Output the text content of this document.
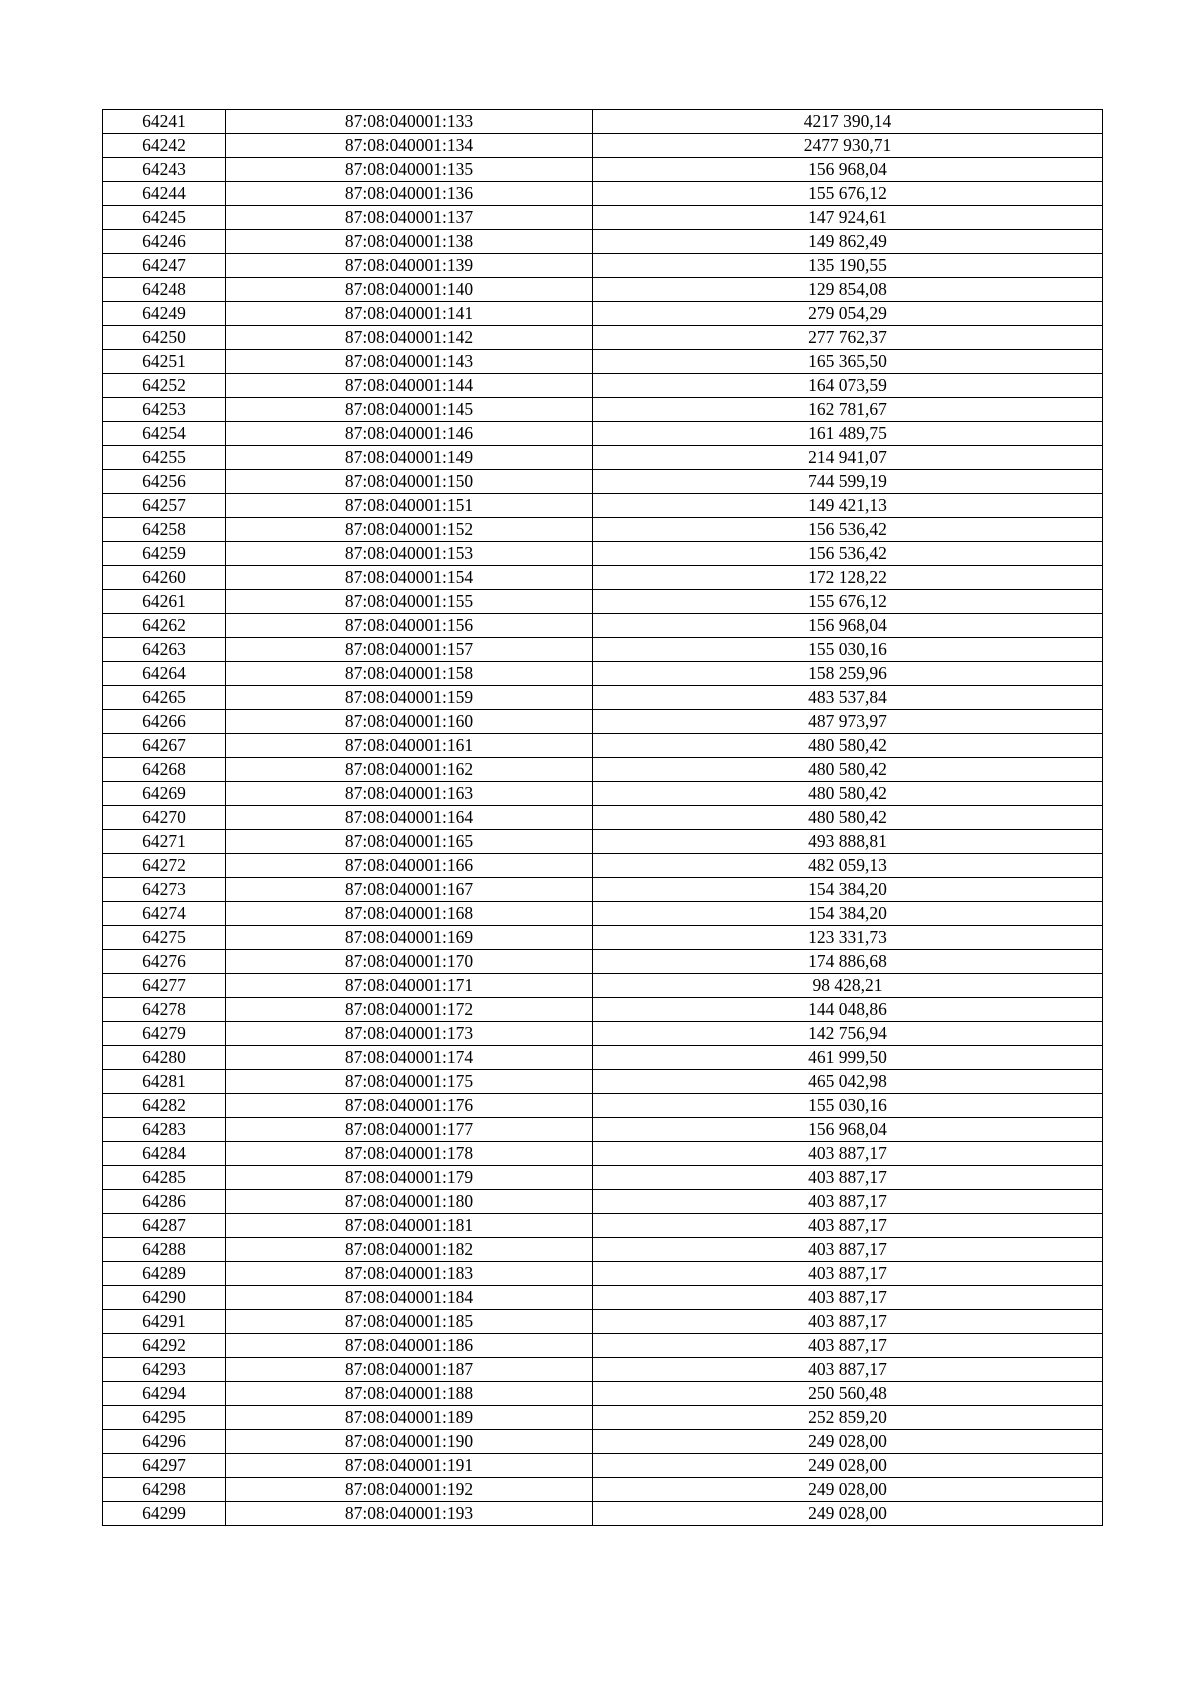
64241	87:08:040001:133	4217 390,14
64242	87:08:040001:134	2477 930,71
64243	87:08:040001:135	156 968,04
64244	87:08:040001:136	155 676,12
64245	87:08:040001:137	147 924,61
64246	87:08:040001:138	149 862,49
64247	87:08:040001:139	135 190,55
64248	87:08:040001:140	129 854,08
64249	87:08:040001:141	279 054,29
64250	87:08:040001:142	277 762,37
64251	87:08:040001:143	165 365,50
64252	87:08:040001:144	164 073,59
64253	87:08:040001:145	162 781,67
64254	87:08:040001:146	161 489,75
64255	87:08:040001:149	214 941,07
64256	87:08:040001:150	744 599,19
64257	87:08:040001:151	149 421,13
64258	87:08:040001:152	156 536,42
64259	87:08:040001:153	156 536,42
64260	87:08:040001:154	172 128,22
64261	87:08:040001:155	155 676,12
64262	87:08:040001:156	156 968,04
64263	87:08:040001:157	155 030,16
64264	87:08:040001:158	158 259,96
64265	87:08:040001:159	483 537,84
64266	87:08:040001:160	487 973,97
64267	87:08:040001:161	480 580,42
64268	87:08:040001:162	480 580,42
64269	87:08:040001:163	480 580,42
64270	87:08:040001:164	480 580,42
64271	87:08:040001:165	493 888,81
64272	87:08:040001:166	482 059,13
64273	87:08:040001:167	154 384,20
64274	87:08:040001:168	154 384,20
64275	87:08:040001:169	123 331,73
64276	87:08:040001:170	174 886,68
64277	87:08:040001:171	98 428,21
64278	87:08:040001:172	144 048,86
64279	87:08:040001:173	142 756,94
64280	87:08:040001:174	461 999,50
64281	87:08:040001:175	465 042,98
64282	87:08:040001:176	155 030,16
64283	87:08:040001:177	156 968,04
64284	87:08:040001:178	403 887,17
64285	87:08:040001:179	403 887,17
64286	87:08:040001:180	403 887,17
64287	87:08:040001:181	403 887,17
64288	87:08:040001:182	403 887,17
64289	87:08:040001:183	403 887,17
64290	87:08:040001:184	403 887,17
64291	87:08:040001:185	403 887,17
64292	87:08:040001:186	403 887,17
64293	87:08:040001:187	403 887,17
64294	87:08:040001:188	250 560,48
64295	87:08:040001:189	252 859,20
64296	87:08:040001:190	249 028,00
64297	87:08:040001:191	249 028,00
64298	87:08:040001:192	249 028,00
64299	87:08:040001:193	249 028,00
